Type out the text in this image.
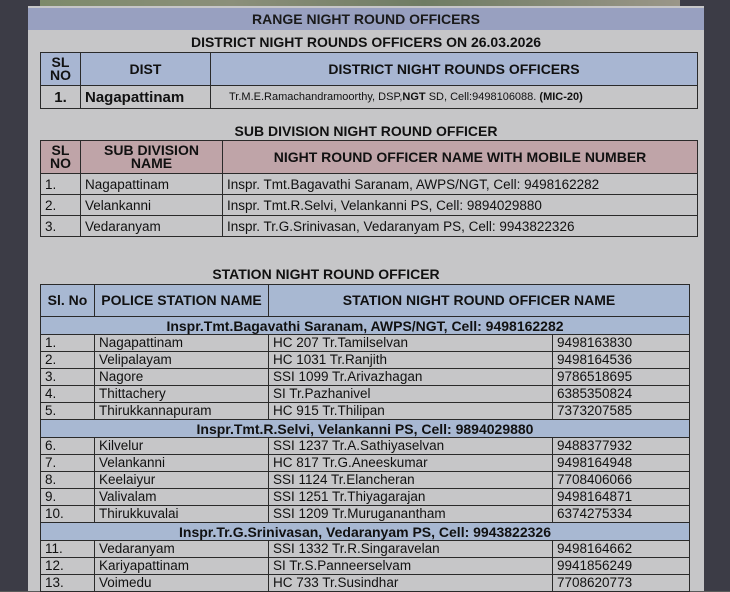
RANGE NIGHT ROUND OFFICERS
DISTRICT NIGHT ROUNDS OFFICERS ON 26.03.2026
SL NO	DIST	DISTRICT NIGHT ROUNDS OFFICERS
1.	Nagapattinam	Tr.M.E.Ramachandramoorthy, DSP,NGT SD, Cell:9498106088. (MIC-20)
SUB DIVISION NIGHT ROUND OFFICER
SL NO	SUB DIVISION NAME	NIGHT ROUND OFFICER NAME WITH MOBILE NUMBER
1.	Nagapattinam	Inspr. Tmt.Bagavathi Saranam, AWPS/NGT, Cell: 9498162282
2.	Velankanni	Inspr. Tmt.R.Selvi, Velankanni PS, Cell: 9894029880
3.	Vedaranyam	Inspr. Tr.G.Srinivasan, Vedaranyam PS, Cell: 9943822326
STATION NIGHT ROUND OFFICER
Sl. No	POLICE STATION NAME	STATION NIGHT ROUND OFFICER NAME	
Inspr.Tmt.Bagavathi Saranam, AWPS/NGT, Cell: 9498162282			
1.	Nagapattinam	HC 207 Tr.Tamilselvan	9498163830
2.	Velipalayam	HC 1031 Tr.Ranjith	9498164536
3.	Nagore	SSI 1099 Tr.Arivazhagan	9786518695
4.	Thittachery	SI Tr.Pazhanivel	6385350824
5.	Thirukkannapuram	HC 915 Tr.Thilipan	7373207585
Inspr.Tmt.R.Selvi, Velankanni PS, Cell: 9894029880			
6.	Kilvelur	SSI 1237 Tr.A.Sathiyaselvan	9488377932
7.	Velankanni	HC 817 Tr.G.Aneeskumar	9498164948
8.	Keelaiyur	SSI 1124 Tr.Elancheran	7708406066
9.	Valivalam	SSI 1251 Tr.Thiyagarajan	9498164871
10.	Thirukkuvalai	SSI 1209 Tr.Muruganantham	6374275334
Inspr.Tr.G.Srinivasan, Vedaranyam PS, Cell: 9943822326			
11.	Vedaranyam	SSI 1332 Tr.R.Singaravelan	9498164662
12.	Kariyapattinam	SI Tr.S.Panneerselvam	9941856249
13.	Voimedu	HC 733 Tr.Susindhar	7708620773
